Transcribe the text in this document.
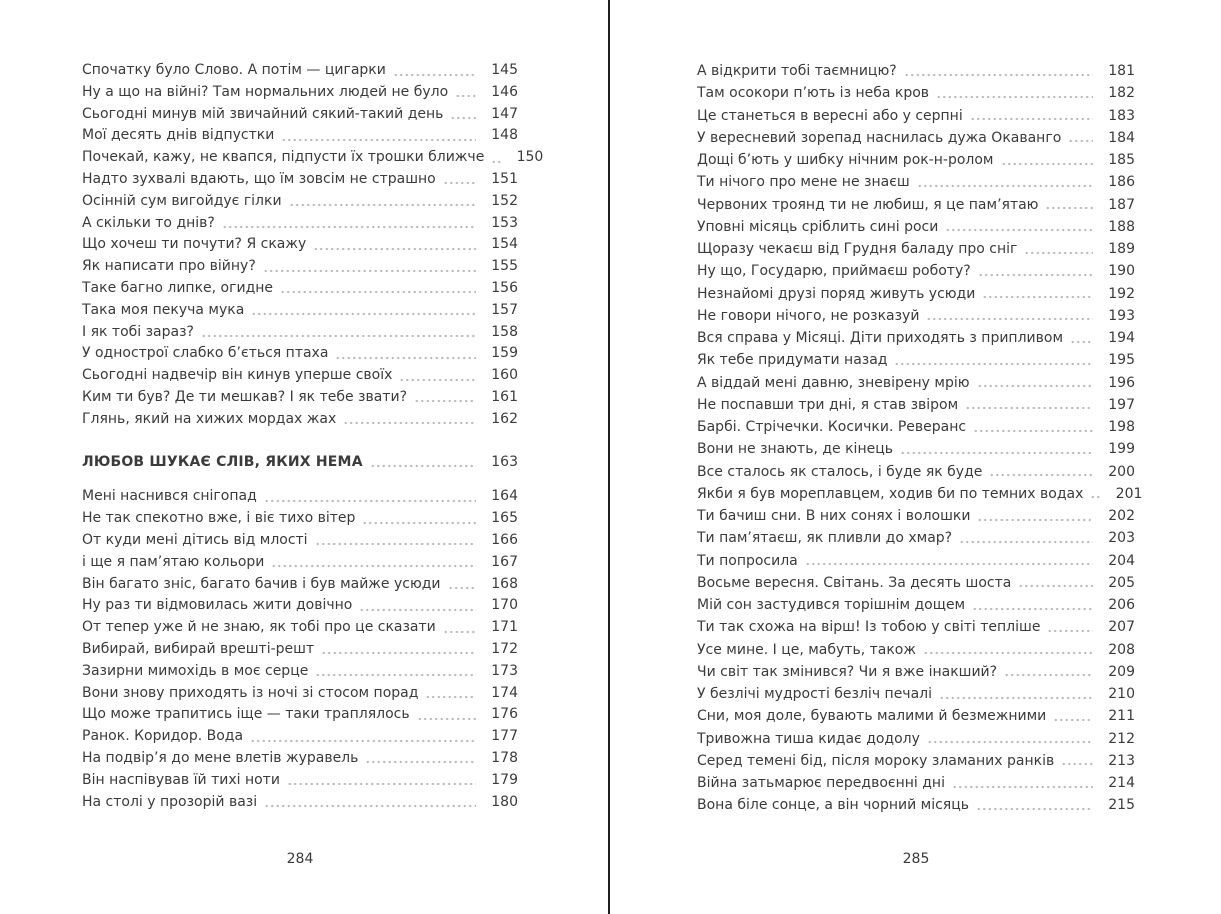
Спочатку було Слово. А потім — цигарки	145
Ну а що на війні? Там нормальних людей не було	146
Сьогодні минув мій звичайний сякий-такий день	147
Мої десять днів відпустки	148
Почекай, кажу, не квапся, підпусти їх трошки ближче	150
Надто зухвалі вдають, що їм зовсім не страшно	151
Осінній сум вигойдує гілки	152
А скільки то днів?	153
Що хочеш ти почути? Я скажу	154
Як написати про війну?	155
Таке багно липке, огидне	156
Така моя пекуча мука	157
І як тобі зараз?	158
У однострої слабко б’ється птаха	159
Сьогодні надвечір він кинув уперше своїх	160
Ким ти був? Де ти мешкав? І як тебе звати?	161
Глянь, який на хижих мордах жах	162
ЛЮБОВ ШУКАЄ СЛІВ, ЯКИХ НЕМА	163
Мені наснився снігопад	164
Не так спекотно вже, і віє тихо вітер	165
От куди мені дітись від млості	166
і ще я пам’ятаю кольори	167
Він багато зніс, багато бачив і був майже усюди	168
Ну раз ти відмовилась жити довічно	170
От тепер уже й не знаю, як тобі про це сказати	171
Вибирай, вибирай врешті-решт	172
Зазирни мимохідь в моє серце	173
Вони знову приходять із ночі зі стосом порад	174
Що може трапитись іще — таки траплялось	176
Ранок. Коридор. Вода	177
На подвір’я до мене влетів журавель	178
Він наспівував їй тихі ноти	179
На столі у прозорій вазі	180
А відкрити тобі таємницю?	181
Там осокори п’ють із неба кров	182
Це станеться в вересні або у серпні	183
У вересневий зорепад наснилась дужа Окаванго	184
Дощі б’ють у шибку нічним рок-н-ролом	185
Ти нічого про мене не знаєш	186
Червоних троянд ти не любиш, я це пам’ятаю	187
Уповні місяць сріблить сині роси	188
Щоразу чекаєш від Грудня баладу про сніг	189
Ну що, Государю, приймаєш роботу?	190
Незнайомі друзі поряд живуть усюди	192
Не говори нічого, не розказуй	193
Вся справа у Місяці. Діти приходять з припливом	194
Як тебе придумати назад	195
А віддай мені давню, зневірену мрію	196
Не поспавши три дні, я став звіром	197
Барбі. Стрічечки. Косички. Реверанс	198
Вони не знають, де кінець	199
Все сталось як сталось, і буде як буде	200
Якби я був мореплавцем, ходив би по темних водах	201
Ти бачиш сни. В них сонях і волошки	202
Ти пам’ятаєш, як пливли до хмар?	203
Ти попросила	204
Восьме вересня. Світань. За десять шоста	205
Мій сон застудився торішнім дощем	206
Ти так схожа на вірш! Із тобою у світі тепліше	207
Усе мине. І це, мабуть, також	208
Чи світ так змінився? Чи я вже інакший?	209
У безлічі мудрості безліч печалі	210
Сни, моя доле, бувають малими й безмежними	211
Тривожна тиша кидає додолу	212
Серед темені бід, після мороку зламаних ранків	213
Війна затьмарює передвоєнні дні	214
Вона біле сонце, а він чорний місяць	215
284	285
